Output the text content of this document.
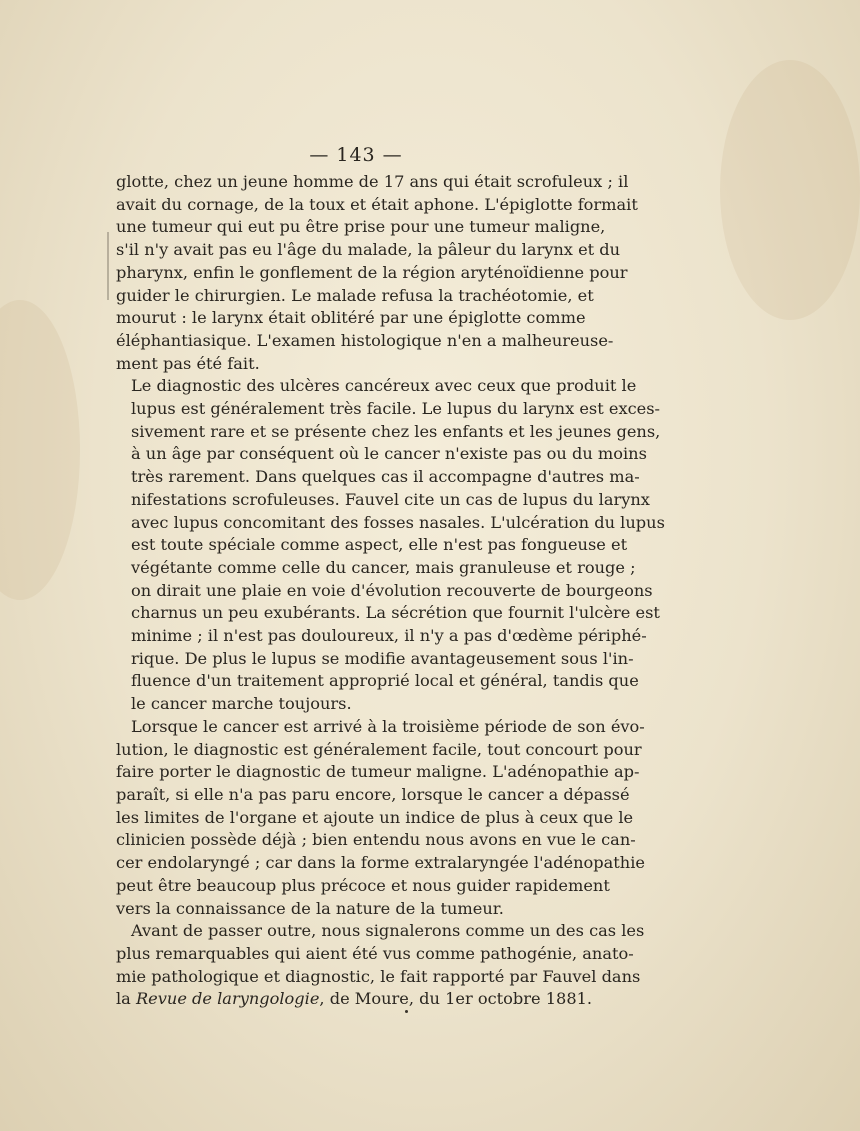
— 143 —

glotte, chez un jeune homme de 17 ans qui était scrofuleux ; il
avait du cornage, de la toux et était aphone. L'épiglotte formait
une tumeur qui eut pu être prise pour une tumeur maligne,
s'il n'y avait pas eu l'âge du malade, la pâleur du larynx et du
pharynx, enfin le gonflement de la région aryténoïdienne pour
guider le chirurgien. Le malade refusa la trachéotomie, et
mourut : le larynx était oblitéré par une épiglotte comme
éléphantiasique. L'examen histologique n'en a malheureuse-
ment pas été fait.

Le diagnostic des ulcères cancéreux avec ceux que produit le
lupus est généralement très facile. Le lupus du larynx est exces-
sivement rare et se présente chez les enfants et les jeunes gens,
à un âge par conséquent où le cancer n'existe pas ou du moins
très rarement. Dans quelques cas il accompagne d'autres ma-
nifestations scrofuleuses. Fauvel cite un cas de lupus du larynx
avec lupus concomitant des fosses nasales. L'ulcération du lupus
est toute spéciale comme aspect, elle n'est pas fongueuse et
végétante comme celle du cancer, mais granuleuse et rouge ;
on dirait une plaie en voie d'évolution recouverte de bourgeons
charnus un peu exubérants. La sécrétion que fournit l'ulcère est
minime ; il n'est pas douloureux, il n'y a pas d'œdème périphé-
rique. De plus le lupus se modifie avantageusement sous l'in-
fluence d'un traitement approprié local et général, tandis que
le cancer marche toujours.

Lorsque le cancer est arrivé à la troisième période de son évo-
lution, le diagnostic est généralement facile, tout concourt pour
faire porter le diagnostic de tumeur maligne. L'adénopathie ap-
paraît, si elle n'a pas paru encore, lorsque le cancer a dépassé
les limites de l'organe et ajoute un indice de plus à ceux que le
clinicien possède déjà ; bien entendu nous avons en vue le can-
cer endolaryngé ; car dans la forme extralaryngée l'adénopathie
peut être beaucoup plus précoce et nous guider rapidement
vers la connaissance de la nature de la tumeur.

Avant de passer outre, nous signalerons comme un des cas les
plus remarquables qui aient été vus comme pathogénie, anato-
mie pathologique et diagnostic, le fait rapporté par Fauvel dans
la Revue de laryngologie, de Moure, du 1er octobre 1881.
